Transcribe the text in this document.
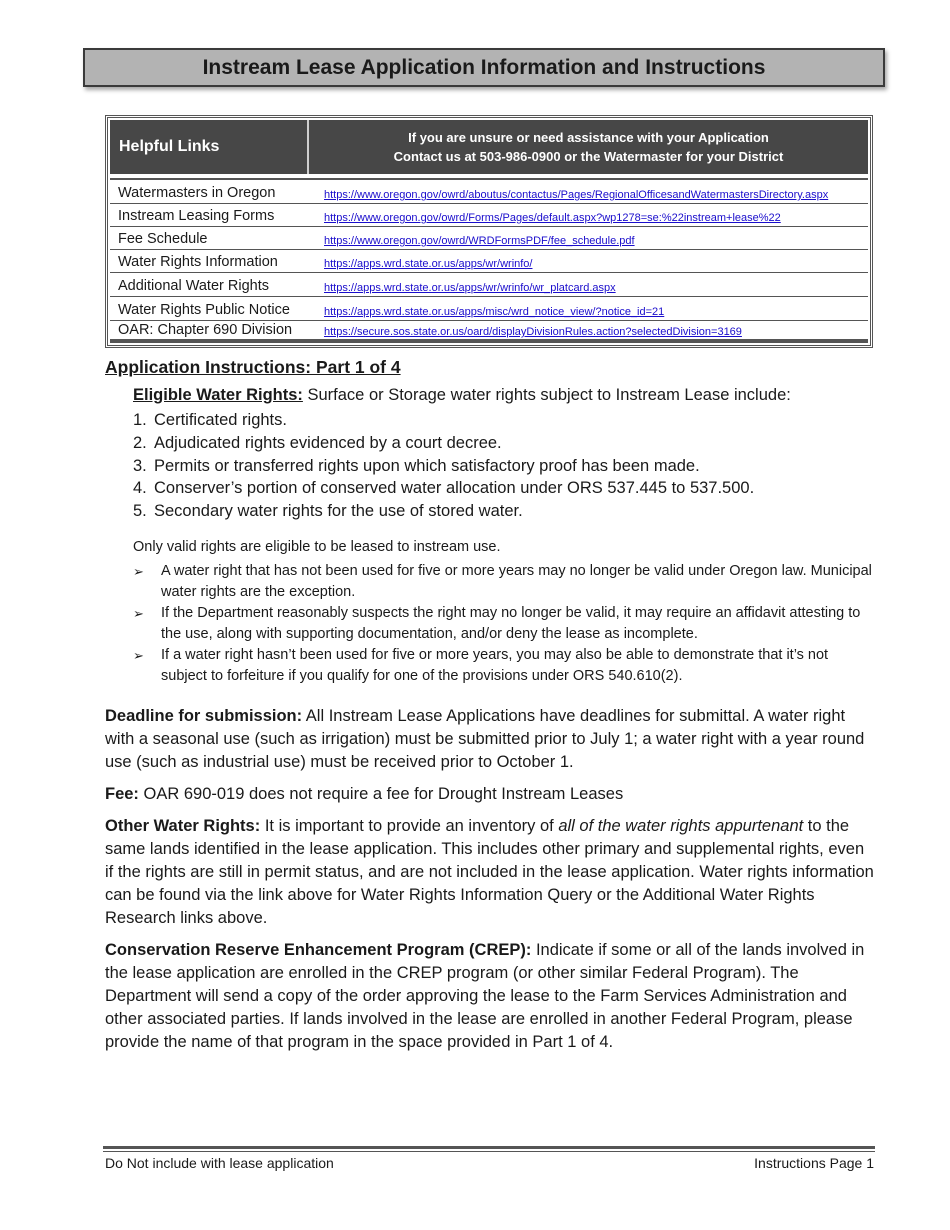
Instream Lease Application Information and Instructions
Helpful Links
If you are unsure or need assistance with your Application
Contact us at 503-986-0900 or the Watermaster for your District
Watermasters in Oregon	https://www.oregon.gov/owrd/aboutus/contactus/Pages/RegionalOfficesandWatermastersDirectory.aspx
Instream Leasing Forms	https://www.oregon.gov/owrd/Forms/Pages/default.aspx?wp1278=se:%22instream+lease%22
Fee Schedule	https://www.oregon.gov/owrd/WRDFormsPDF/fee_schedule.pdf
Water Rights Information	https://apps.wrd.state.or.us/apps/wr/wrinfo/
Additional Water Rights	https://apps.wrd.state.or.us/apps/wr/wrinfo/wr_platcard.aspx
Water Rights Public Notice	https://apps.wrd.state.or.us/apps/misc/wrd_notice_view/?notice_id=21
OAR: Chapter 690 Division	https://secure.sos.state.or.us/oard/displayDivisionRules.action?selectedDivision=3169
Application Instructions: Part 1 of 4

Eligible Water Rights: Surface or Storage water rights subject to Instream Lease include:

1. Certificated rights.
2. Adjudicated rights evidenced by a court decree.
3. Permits or transferred rights upon which satisfactory proof has been made.
4. Conserver’s portion of conserved water allocation under ORS 537.445 to 537.500.
5. Secondary water rights for the use of stored water.

Only valid rights are eligible to be leased to instream use.

➢ A water right that has not been used for five or more years may no longer be valid under Oregon law. Municipal water rights are the exception.
➢ If the Department reasonably suspects the right may no longer be valid, it may require an affidavit attesting to the use, along with supporting documentation, and/or deny the lease as incomplete.
➢ If a water right hasn’t been used for five or more years, you may also be able to demonstrate that it’s not subject to forfeiture if you qualify for one of the provisions under ORS 540.610(2).

Deadline for submission: All Instream Lease Applications have deadlines for submittal. A water right with a seasonal use (such as irrigation) must be submitted prior to July 1; a water right with a year round use (such as industrial use) must be received prior to October 1.

Fee: OAR 690-019 does not require a fee for Drought Instream Leases

Other Water Rights: It is important to provide an inventory of all of the water rights appurtenant to the same lands identified in the lease application. This includes other primary and supplemental rights, even if the rights are still in permit status, and are not included in the lease application. Water rights information can be found via the link above for Water Rights Information Query or the Additional Water Rights Research links above.

Conservation Reserve Enhancement Program (CREP): Indicate if some or all of the lands involved in the lease application are enrolled in the CREP program (or other similar Federal Program). The Department will send a copy of the order approving the lease to the Farm Services Administration and other associated parties. If lands involved in the lease are enrolled in another Federal Program, please provide the name of that program in the space provided in Part 1 of 4.

Do Not include with lease application	Instructions Page 1
